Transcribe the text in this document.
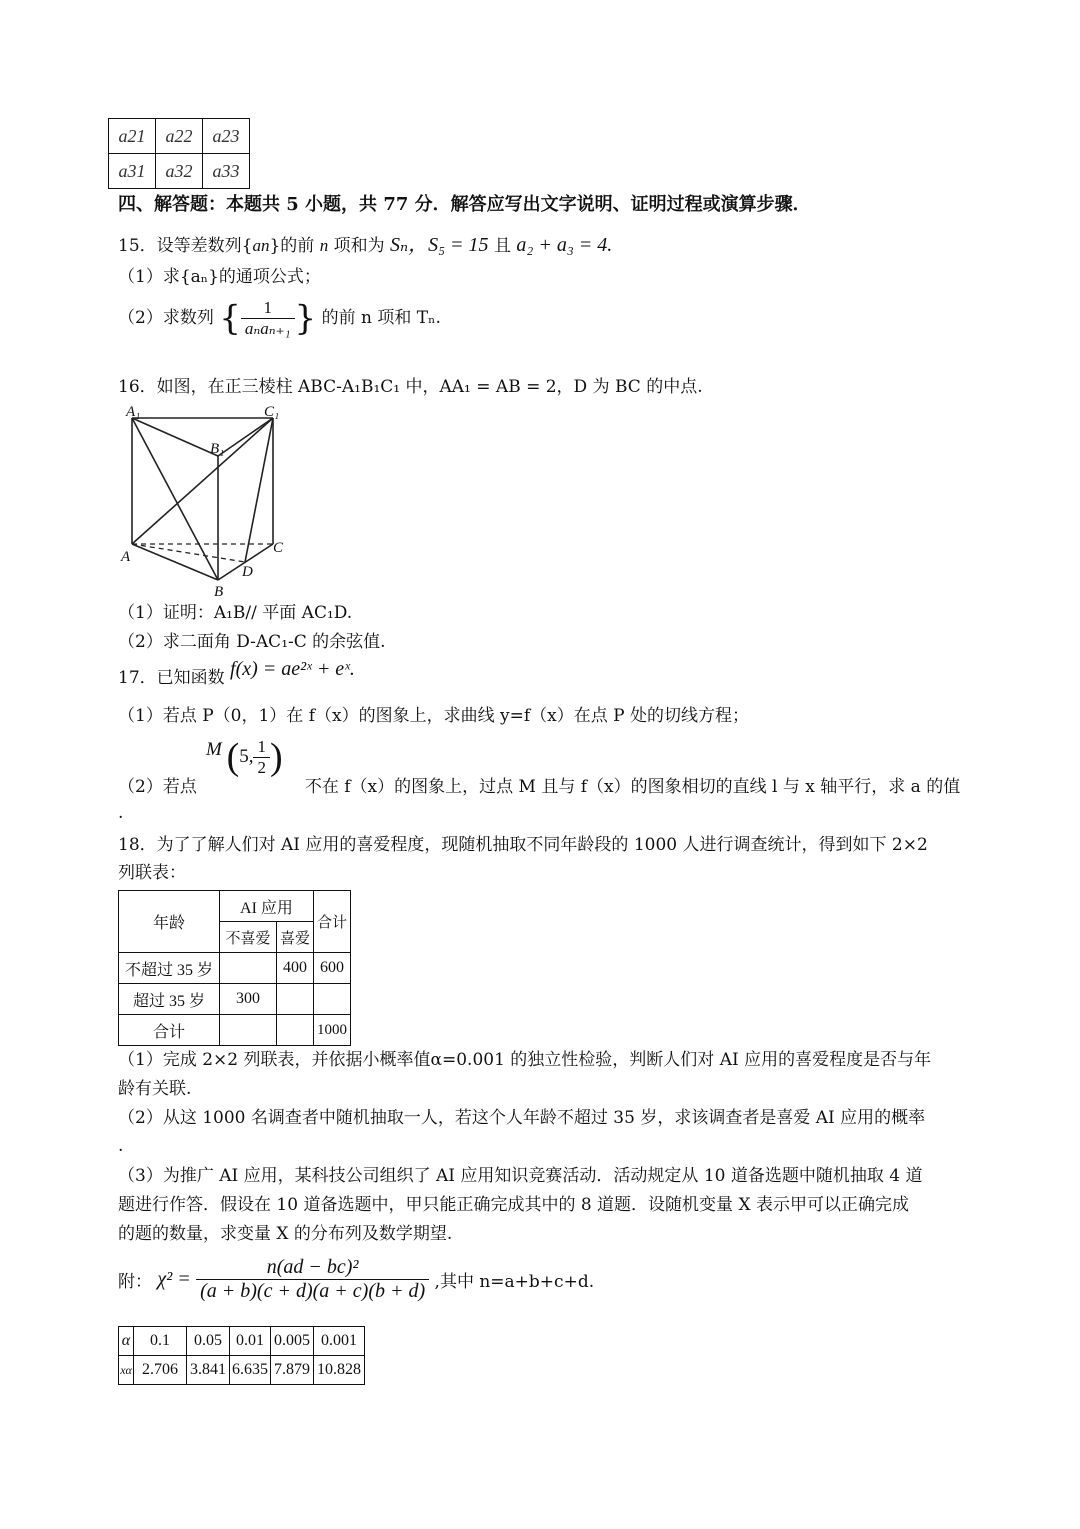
a21	a22	a23
a31	a32	a33
四、解答题：本题共 5 小题，共 77 分．解答应写出文字说明、证明过程或演算步骤．
15．设等差数列{an}的前 n 项和为 Sₙ，S₅ = 15 且 a₂ + a₃ = 4.
（1）求{aₙ}的通项公式；
（2）求数列 { $\frac{1}{\text{aₙaₙ₊₁}}$ } 的前 n 项和 Tₙ.
16．如图，在正三棱柱 ABC-A₁B₁C₁ 中，AA₁ = AB = 2，D 为 BC 的中点.
A₁	C₁
B₁
A
C
D
B
（1）证明：A₁B// 平面 AC₁D.
（2）求二面角 D-AC₁-C 的余弦值.
17．已知函数 f(x) = ae²ˣ + eˣ.
（1）若点 P（0，1）在 f（x）的图象上，求曲线 y=f（x）在点 P 处的切线方程；
M (5, $\frac{1}{2}$ )
（2）若点	不在 f（x）的图象上，过点 M 且与 f（x）的图象相切的直线 l 与 x 轴平行，求 a 的值
.
18．为了了解人们对 AI 应用的喜爱程度，现随机抽取不同年龄段的 1000 人进行调查统计，得到如下 2×2
列联表：
年龄	AI 应用		合计
	不喜爱	喜爱	
不超过 35 岁		400	600
超过 35 岁	300		
合计			1000
（1）完成 2×2 列联表，并依据小概率值α=0.001 的独立性检验，判断人们对 AI 应用的喜爱程度是否与年
龄有关联.
（2）从这 1000 名调查者中随机抽取一人，若这个人年龄不超过 35 岁，求该调查者是喜爱 AI 应用的概率
.
（3）为推广 AI 应用，某科技公司组织了 AI 应用知识竞赛活动．活动规定从 10 道备选题中随机抽取 4 道
题进行作答．假设在 10 道备选题中，甲只能正确完成其中的 8 道题．设随机变量 X 表示甲可以正确完成
的题的数量，求变量 X 的分布列及数学期望.
附： $\chi^2 = \frac{\text{n(ad − bc)²}}{(a + b)(c + d)(a + c)(b + d)}$ ,其中 n=a+b+c+d.
α	0.1	0.05	0.01	0.005	0.001
xα	2.706	3.841	6.635	7.879	10.828
